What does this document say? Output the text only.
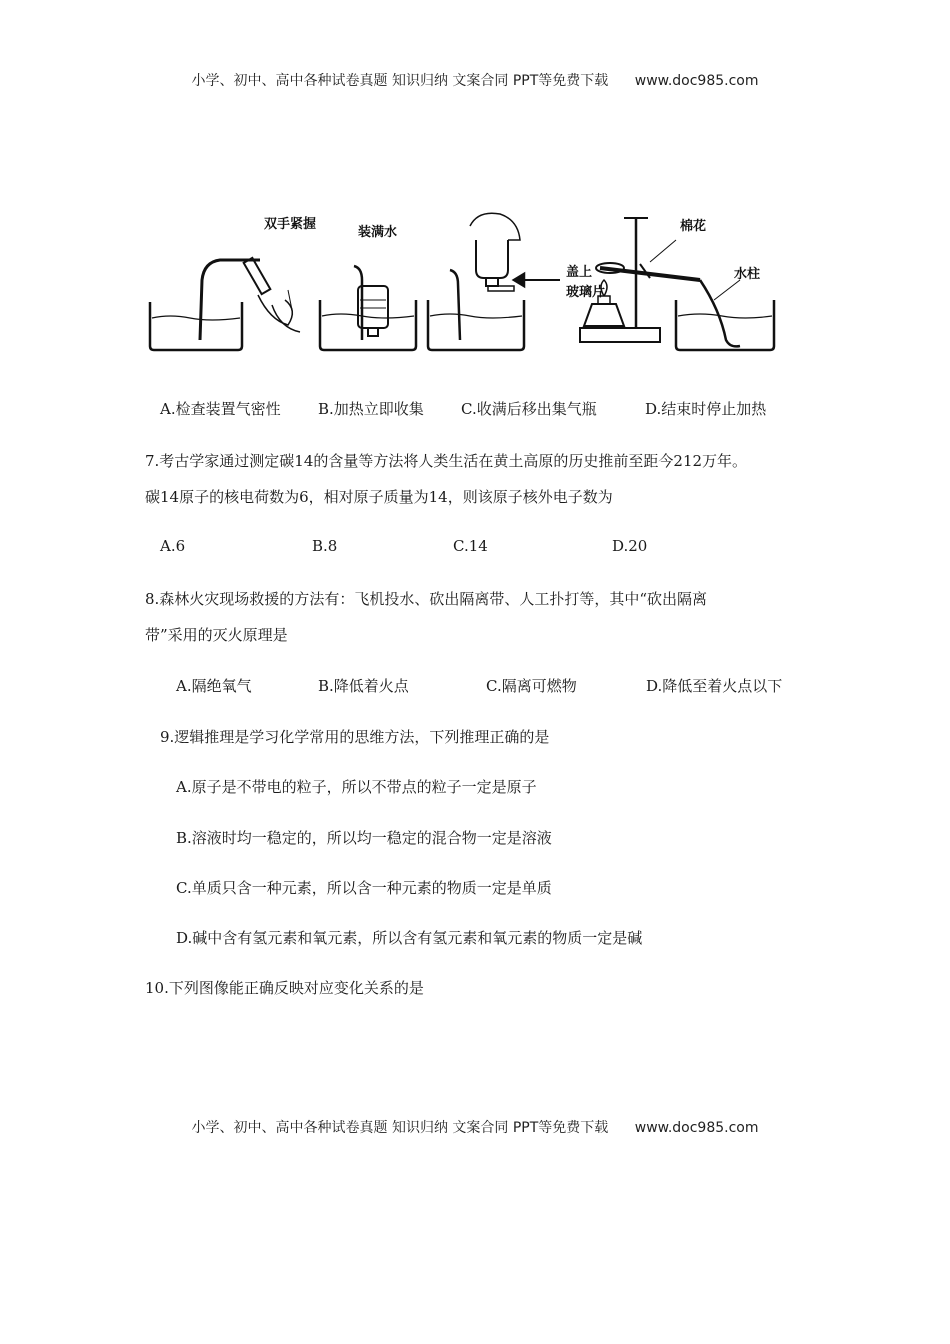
小学、初中、高中各种试卷真题 知识归纳 文案合同 PPT等免费下载 www.doc985.com
双手紧握
装满水
盖上
玻璃片
棉花
水柱
A.检查装置气密性 B.加热立即收集 C.收满后移出集气瓶	D.结束时停止加热
7.考古学家通过测定碳14的含量等方法将人类生活在黄土高原的历史推前至距今212万年。
碳14原子的核电荷数为6，相对原子质量为14，则该原子核外电子数为
A.6	B.8	C.14	D.20
8.森林火灾现场救援的方法有：飞机投水、砍出隔离带、人工扑打等，其中“砍出隔离
带”采用的灭火原理是
A.隔绝氧气	B.降低着火点	C.隔离可燃物	D.降低至着火点以下
9.逻辑推理是学习化学常用的思维方法，下列推理正确的是
A.原子是不带电的粒子，所以不带点的粒子一定是原子
B.溶液时均一稳定的，所以均一稳定的混合物一定是溶液
C.单质只含一种元素，所以含一种元素的物质一定是单质
D.碱中含有氢元素和氧元素，所以含有氢元素和氧元素的物质一定是碱
10.下列图像能正确反映对应变化关系的是
小学、初中、高中各种试卷真题 知识归纳 文案合同 PPT等免费下载 www.doc985.com
